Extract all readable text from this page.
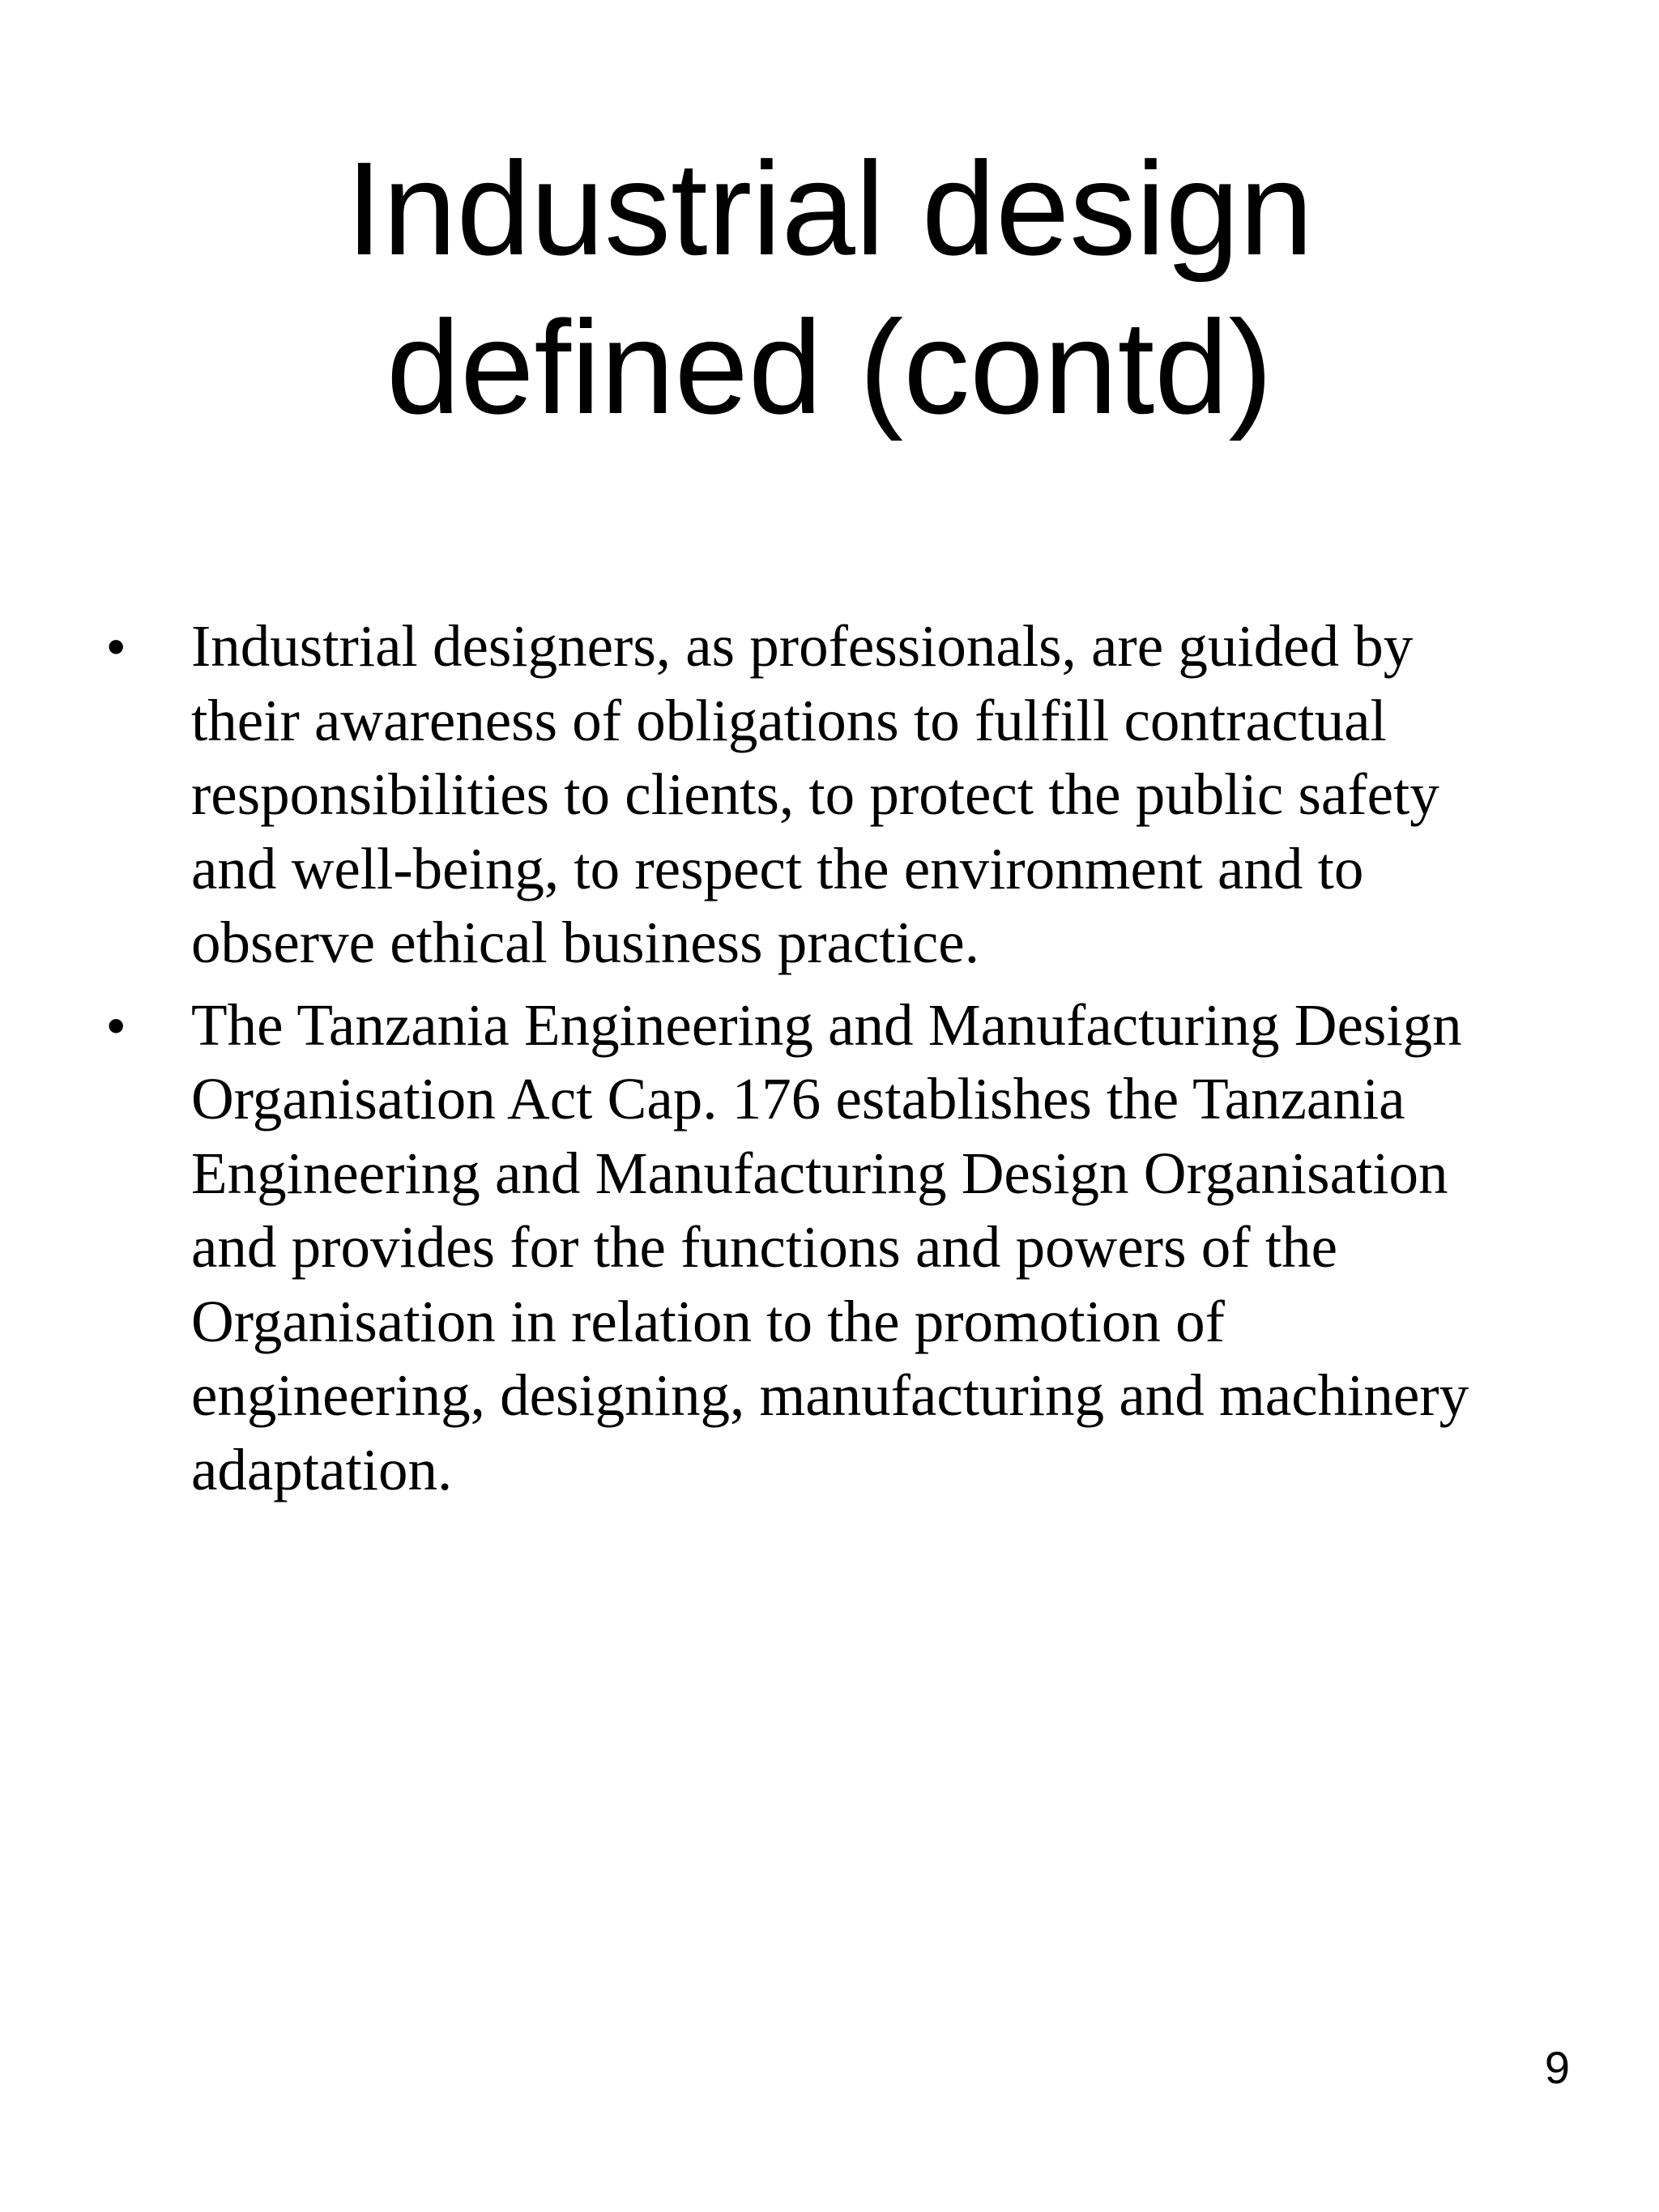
Industrial design
defined (contd)
• Industrial designers, as professionals, are guided by
their awareness of obligations to fulfill contractual
responsibilities to clients, to protect the public safety
and well-being, to respect the environment and to
observe ethical business practice.
• The Tanzania Engineering and Manufacturing Design
Organisation Act Cap. 176 establishes the Tanzania
Engineering and Manufacturing Design Organisation
and provides for the functions and powers of the
Organisation in relation to the promotion of
engineering, designing, manufacturing and machinery
adaptation.
9
